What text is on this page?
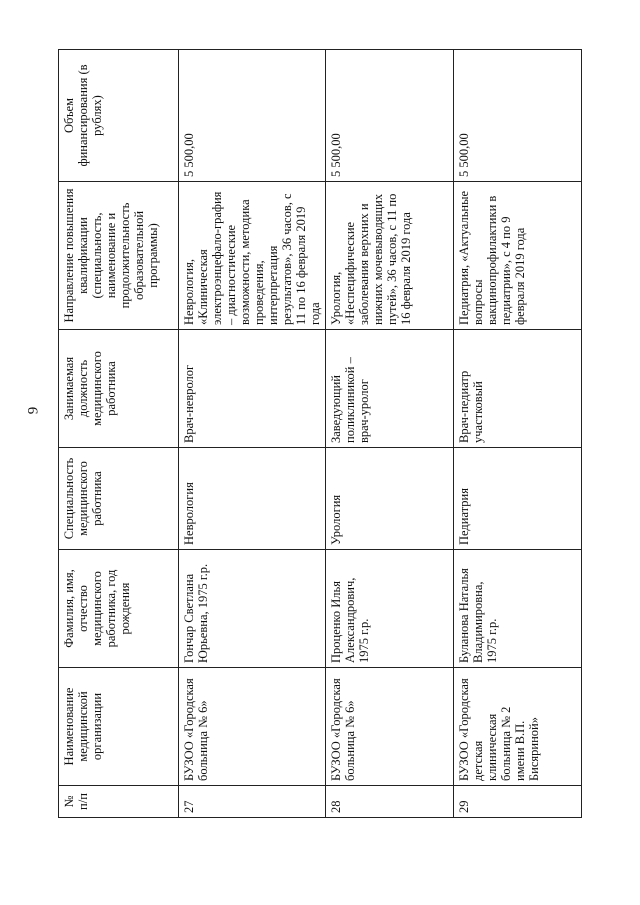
9
№ п/п	Наименование медицинской организации	Фамилия, имя, отчество медицинского работника, год рождения	Специальность медицинского работника	Занимаемая должность медицинского работника	Направление повышения квалификации (специальность, наименование и продолжительность образовательной программы)	Объем финансирования (в рублях)
27	БУЗОО «Городская больница № 6»	Гончар Светлана Юрьевна, 1975 г.р.	Неврология	Врач-невролог	Неврология, «Клиническая электроэнцефало-графия – диагностические возможности, методика проведения, интерпретация результатов», 36 часов, с 11 по 16 февраля 2019 года	5 500,00
28	БУЗОО «Городская больница № 6»	Проценко Илья Александрович, 1975 г.р.	Урология	Заведующий поликлиникой – врач-уролог	Урология, «Неспецифические заболевания верхних и нижних мочевыводящих путей», 36 часов, с 11 по 16 февраля 2019 года	5 500,00
29	БУЗОО «Городская детская клиническая больница № 2 имени В.П. Бисяриной»	Буланова Наталья Владимировна, 1975 г.р.	Педиатрия	Врач-педиатр участковый	Педиатрия, «Актуальные вопросы вакцинопрофилактики в педиатрии», с 4 по 9 февраля 2019 года	5 500,00
